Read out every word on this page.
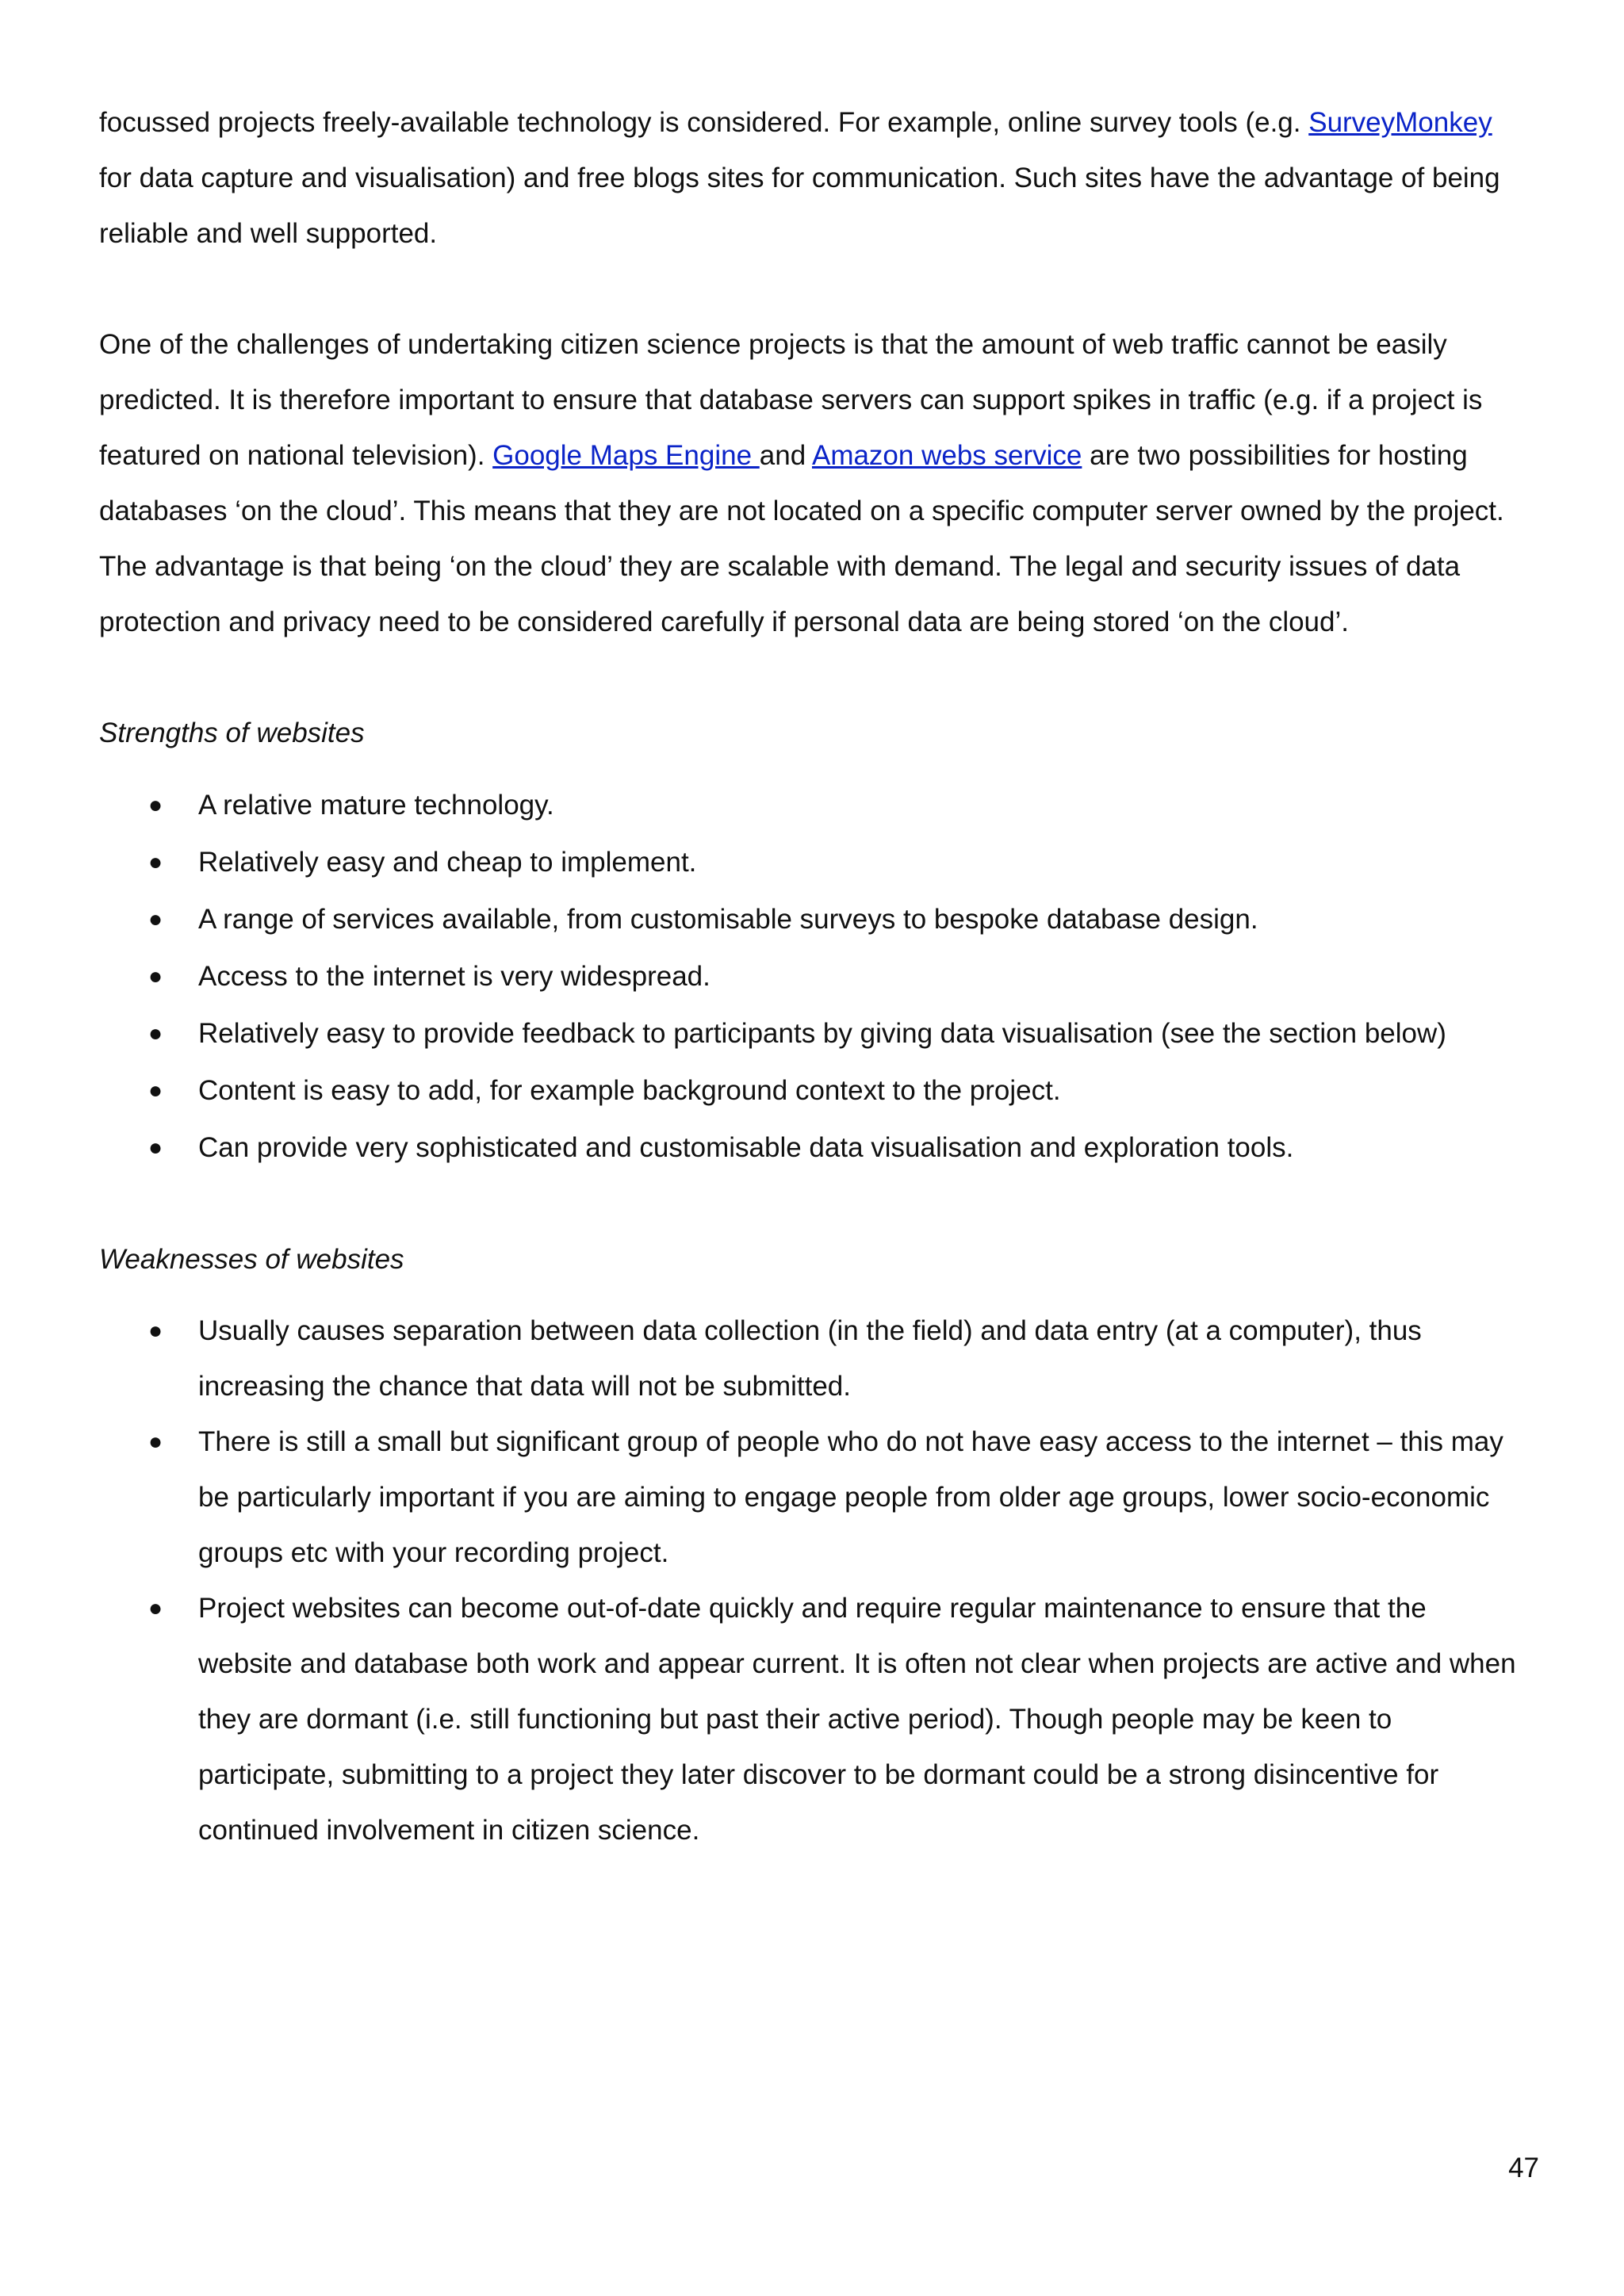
focussed projects freely-available technology is considered. For example, online survey tools (e.g. SurveyMonkey for data capture and visualisation) and free blogs sites for communication. Such sites have the advantage of being reliable and well supported.

One of the challenges of undertaking citizen science projects is that the amount of web traffic cannot be easily predicted. It is therefore important to ensure that database servers can support spikes in traffic (e.g. if a project is featured on national television). Google Maps Engine and Amazon webs service are two possibilities for hosting databases ‘on the cloud’. This means that they are not located on a specific computer server owned by the project. The advantage is that being ‘on the cloud’ they are scalable with demand. The legal and security issues of data protection and privacy need to be considered carefully if personal data are being stored ‘on the cloud’.

Strengths of websites

● A relative mature technology.
● Relatively easy and cheap to implement.
● A range of services available, from customisable surveys to bespoke database design.
● Access to the internet is very widespread.
● Relatively easy to provide feedback to participants by giving data visualisation (see the section below)
● Content is easy to add, for example background context to the project.
● Can provide very sophisticated and customisable data visualisation and exploration tools.

Weaknesses of websites

● Usually causes separation between data collection (in the field) and data entry (at a computer), thus increasing the chance that data will not be submitted.
● There is still a small but significant group of people who do not have easy access to the internet – this may be particularly important if you are aiming to engage people from older age groups, lower socio-economic groups etc with your recording project.
● Project websites can become out-of-date quickly and require regular maintenance to ensure that the website and database both work and appear current. It is often not clear when projects are active and when they are dormant (i.e. still functioning but past their active period). Though people may be keen to participate, submitting to a project they later discover to be dormant could be a strong disincentive for continued involvement in citizen science.
47
